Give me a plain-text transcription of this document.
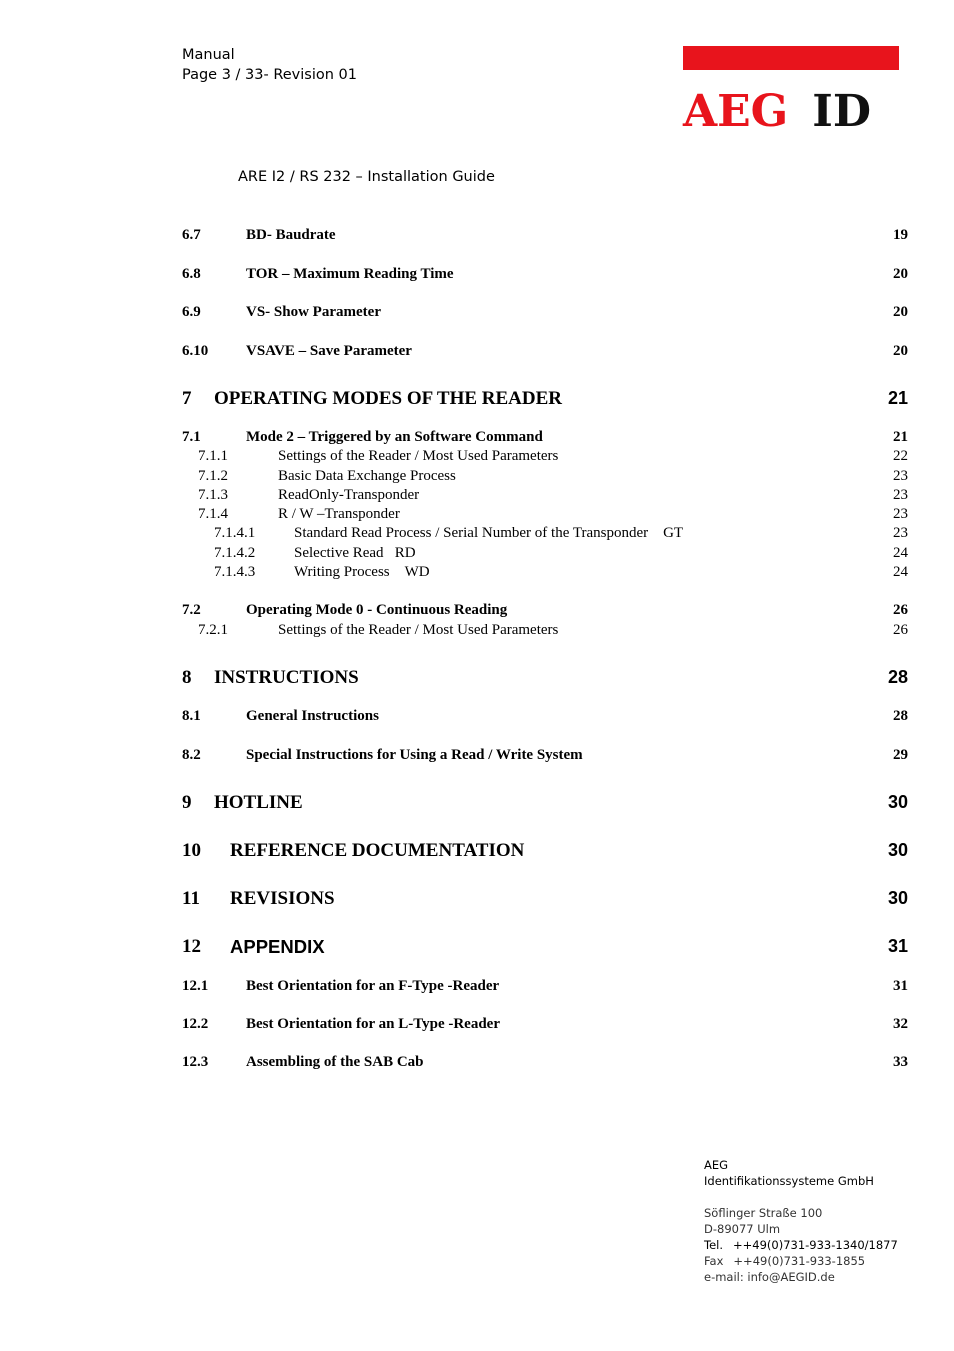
Manual
Page 3 / 33- Revision 01
AEG ID
ARE I2 / RS 232 – Installation Guide
6.7	BD- Baudrate	19
6.8	TOR – Maximum Reading Time	20
6.9	VS- Show Parameter	20
6.10	VSAVE – Save Parameter	20
7 OPERATING MODES OF THE READER	21
7.1	Mode 2 – Triggered by an Software Command	21
7.1.1	Settings of the Reader / Most Used Parameters	22
7.1.2	Basic Data Exchange Process	23
7.1.3	ReadOnly-Transponder	23
7.1.4	R / W –Transponder	23
7.1.4.1	Standard Read Process / Serial Number of the Transponder    GT	23
7.1.4.2	Selective Read   RD	24
7.1.4.3	Writing Process    WD	24
7.2	Operating Mode 0 - Continuous Reading	26
7.2.1	Settings of the Reader / Most Used Parameters	26
8 INSTRUCTIONS	28
8.1	General Instructions	28
8.2	Special Instructions for Using a Read / Write System	29
9 HOTLINE	30
10 REFERENCE DOCUMENTATION	30
11 REVISIONS	30
12 APPENDIX	31
12.1	Best Orientation for an F-Type -Reader	31
12.2	Best Orientation for an L-Type -Reader	32
12.3	Assembling of the SAB Cab	33
AEG
Identifikationssysteme GmbH
Söflinger Straße 100
D-89077 Ulm
Tel. ++49(0)731-933-1340/1877
Fax ++49(0)731-933-1855
e-mail: info@AEGID.de
